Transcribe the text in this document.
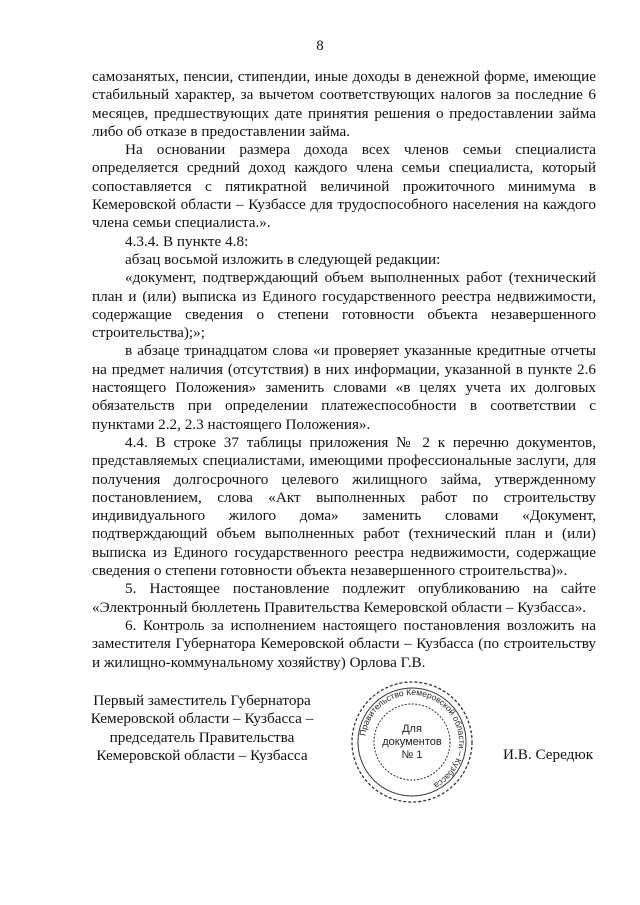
8

самозанятых, пенсии, стипендии, иные доходы в денежной форме, имеющие стабильный характер, за вычетом соответствующих налогов за последние 6 месяцев, предшествующих дате принятия решения о предоставлении займа либо об отказе в предоставлении займа.

На основании размера дохода всех членов семьи специалиста определяется средний доход каждого члена семьи специалиста, который сопоставляется с пятикратной величиной прожиточного минимума в Кемеровской области – Кузбассе для трудоспособного населения на каждого члена семьи специалиста.».

4.3.4. В пункте 4.8:

абзац восьмой изложить в следующей редакции:

«документ, подтверждающий объем выполненных работ (технический план и (или) выписка из Единого государственного реестра недвижимости, содержащие сведения о степени готовности объекта незавершенного строительства);»;

в абзаце тринадцатом слова «и проверяет указанные кредитные отчеты на предмет наличия (отсутствия) в них информации, указанной в пункте 2.6 настоящего Положения» заменить словами «в целях учета их долговых обязательств при определении платежеспособности в соответствии с пунктами 2.2, 2.3 настоящего Положения».

4.4. В строке 37 таблицы приложения № 2 к перечню документов, представляемых специалистами, имеющими профессиональные заслуги, для получения долгосрочного целевого жилищного займа, утвержденному постановлением, слова «Акт выполненных работ по строительству индивидуального жилого дома» заменить словами «Документ, подтверждающий объем выполненных работ (технический план и (или) выписка из Единого государственного реестра недвижимости, содержащие сведения о степени готовности объекта незавершенного строительства)».

5. Настоящее постановление подлежит опубликованию на сайте «Электронный бюллетень Правительства Кемеровской области – Кузбасса».

6. Контроль за исполнением настоящего постановления возложить на заместителя Губернатора Кемеровской области – Кузбасса (по строительству и жилищно-коммунальному хозяйству) Орлова Г.В.

Первый заместитель Губернатора
Кемеровской области – Кузбасса –
председатель Правительства
Кемеровской области – Кузбасса
Правительство Кемеровской области – Кузбасса
Для
документов
№ 1	И.В. Середюк
